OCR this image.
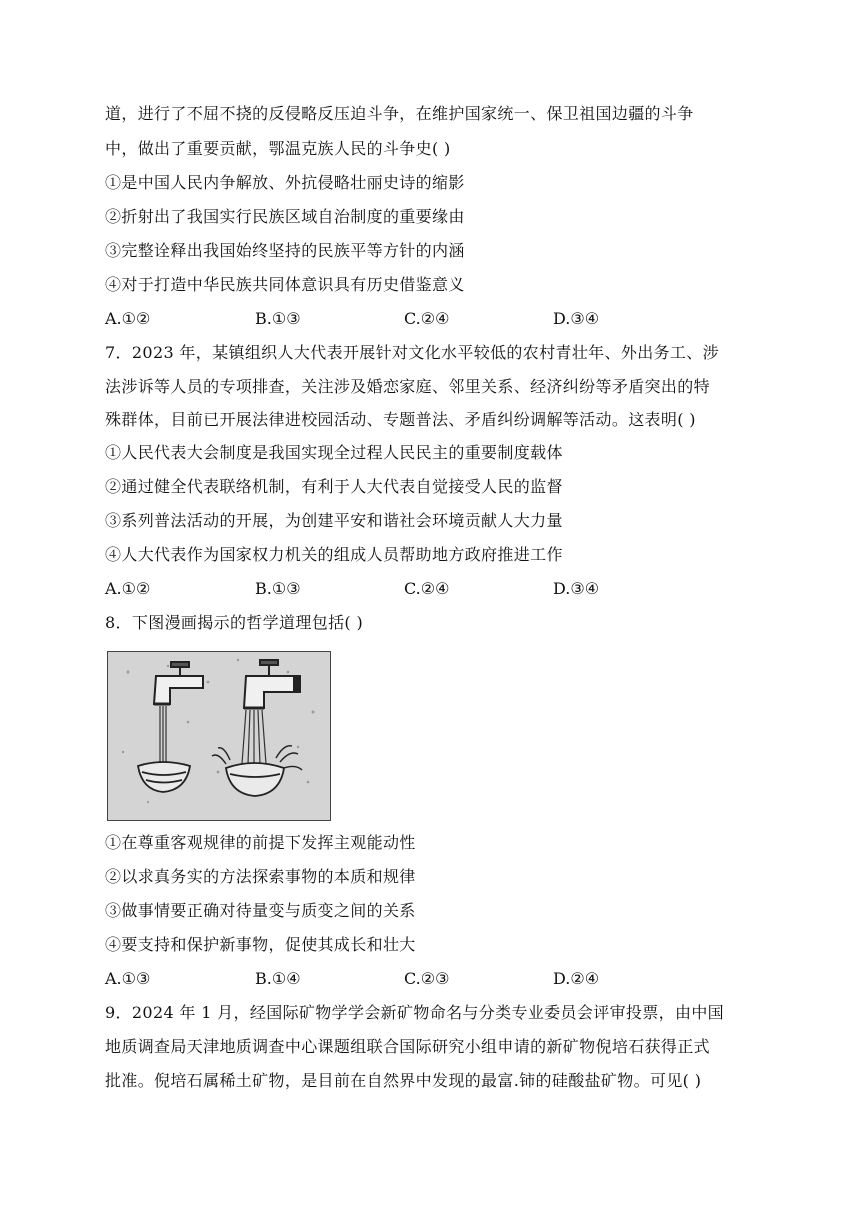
道，进行了不屈不挠的反侵略反压迫斗争，在维护国家统一、保卫祖国边疆的斗争
中，做出了重要贡献，鄂温克族人民的斗争史( )
①是中国人民内争解放、外抗侵略壮丽史诗的缩影
②折射出了我国实行民族区域自治制度的重要缘由
③完整诠释出我国始终坚持的民族平等方针的内涵
④对于打造中华民族共同体意识具有历史借鉴意义
A.①②	B.①③	C.②④	D.③④
7．2023 年，某镇组织人大代表开展针对文化水平较低的农村青壮年、外出务工、涉
法涉诉等人员的专项排查，关注涉及婚恋家庭、邻里关系、经济纠纷等矛盾突出的特
殊群体，目前已开展法律进校园活动、专题普法、矛盾纠纷调解等活动。这表明( )
①人民代表大会制度是我国实现全过程人民民主的重要制度载体
②通过健全代表联络机制，有利于人大代表自觉接受人民的监督
③系列普法活动的开展，为创建平安和谐社会环境贡献人大力量
④人大代表作为国家权力机关的组成人员帮助地方政府推进工作
A.①②	B.①③	C.②④	D.③④
8．下图漫画揭示的哲学道理包括( )
①在尊重客观规律的前提下发挥主观能动性
②以求真务实的方法探索事物的本质和规律
③做事情要正确对待量变与质变之间的关系
④要支持和保护新事物，促使其成长和壮大
A.①③	B.①④	C.②③	D.②④
9．2024 年 1 月，经国际矿物学学会新矿物命名与分类专业委员会评审投票，由中国
地质调查局天津地质调查中心课题组联合国际研究小组申请的新矿物倪培石获得正式
批准。倪培石属稀土矿物，是目前在自然界中发现的最富.铈的硅酸盐矿物。可见( )
